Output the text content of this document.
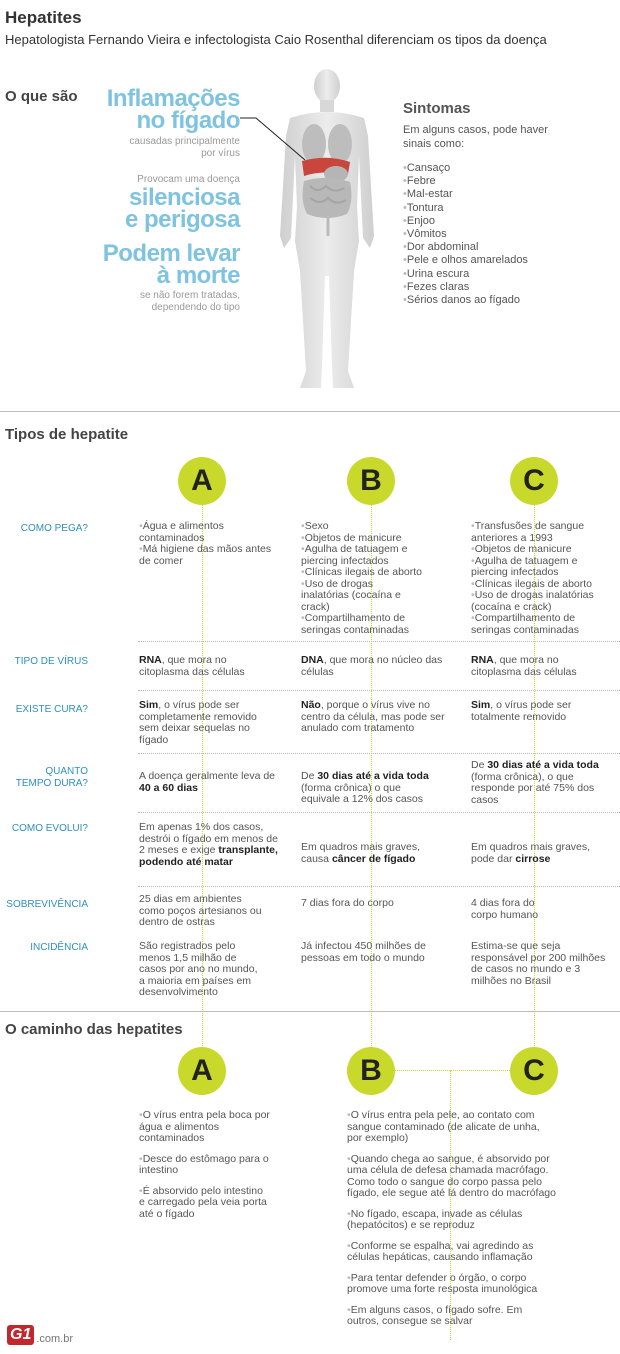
Hepatites
Hepatologista Fernando Vieira e infectologista Caio Rosenthal diferenciam os tipos da doença
O que são	Inflamações
no fígado
causadas principalmente
por vírus
Provocam uma doença
silenciosa
e perigosa
Podem levar
à morte
se não forem tratadas,
dependendo do tipo
Sintomas
Em alguns casos, pode haver
sinais como:
• Cansaço
• Febre
• Mal-estar
• Tontura
• Enjoo
• Vômitos
• Dor abdominal
• Pele e olhos amarelados
• Urina escura
• Fezes claras
• Sérios danos ao fígado
Tipos de hepatite
A	B	C
COMO PEGA?
•	Água e alimentos contaminados
• Má higiene das mãos antes de comer
• Sexo
• Objetos de manicure
• Agulha de tatuagem e piercing infectados
• Clínicas ilegais de aborto
• Uso de drogas inalatórias (cocaína e crack)
• Compartilhamento de seringas contaminadas
• Transfusões de sangue anteriores a 1993
• Objetos de manicure
• Agulha de tatuagem e piercing infectados
• Clínicas ilegais de aborto
• Uso de drogas inalatórias (cocaína e crack)
• Compartilhamento de seringas contaminadas
TIPO DE VÍRUS	RNA, que mora no citoplasma das células
DNA, que mora no núcleo das células
RNA, que mora no citoplasma das células
EXISTE CURA?	Sim, o vírus pode ser completamente removido sem deixar sequelas no fígado
Não, porque o vírus vive no centro da célula, mas pode ser anulado com tratamento
Sim, o vírus pode ser totalmente removido
QUANTO
TEMPO DURA?
A doença geralmente leva de 40 a 60 dias
De 30 dias até a vida toda (forma crônica) o que equivale a 12% dos casos
De 30 dias até a vida toda (forma crônica), o que responde por até 75% dos casos
COMO EVOLUI?	Em apenas 1% dos casos, destrói o fígado em menos de 2 meses e exige transplante, podendo até matar
Em quadros mais graves, causa câncer de fígado
Em quadros mais graves, pode dar cirrose
SOBREVIVÊNCIA	25 dias em ambientes como poços artesianos ou dentro de ostras
7 dias fora do corpo	4 dias fora do corpo humano
INCIDÊNCIA	São registrados pelo menos 1,5 milhão de casos por ano no mundo, a maioria em países em desenvolvimento
Já infectou 450 milhões de pessoas em todo o mundo
Estima-se que seja responsável por 200 milhões de casos no mundo e 3 milhões no Brasil
O caminho das hepatites
A	B	C

• O vírus entra pela boca por água e alimentos contaminados

• Desce do estômago para o intestino

• É absorvido pelo intestino e carregado pela veia porta até o fígado

• O vírus entra pela pele, ao contato com sangue contaminado (de alicate de unha, por exemplo)

• Quando chega ao sangue, é absorvido por uma célula de defesa chamada macrófago. Como todo o sangue do corpo passa pelo fígado, ele segue até lá dentro do macrófago

• No fígado, escapa, invade as células (hepatócitos) e se reproduz

• Conforme se espalha, vai agredindo as células hepáticas, causando inflamação

• Para tentar defender o órgão, o corpo promove uma forte resposta imunológica

• Em alguns casos, o fígado sofre. Em outros, consegue se salvar

G1 .com.br
